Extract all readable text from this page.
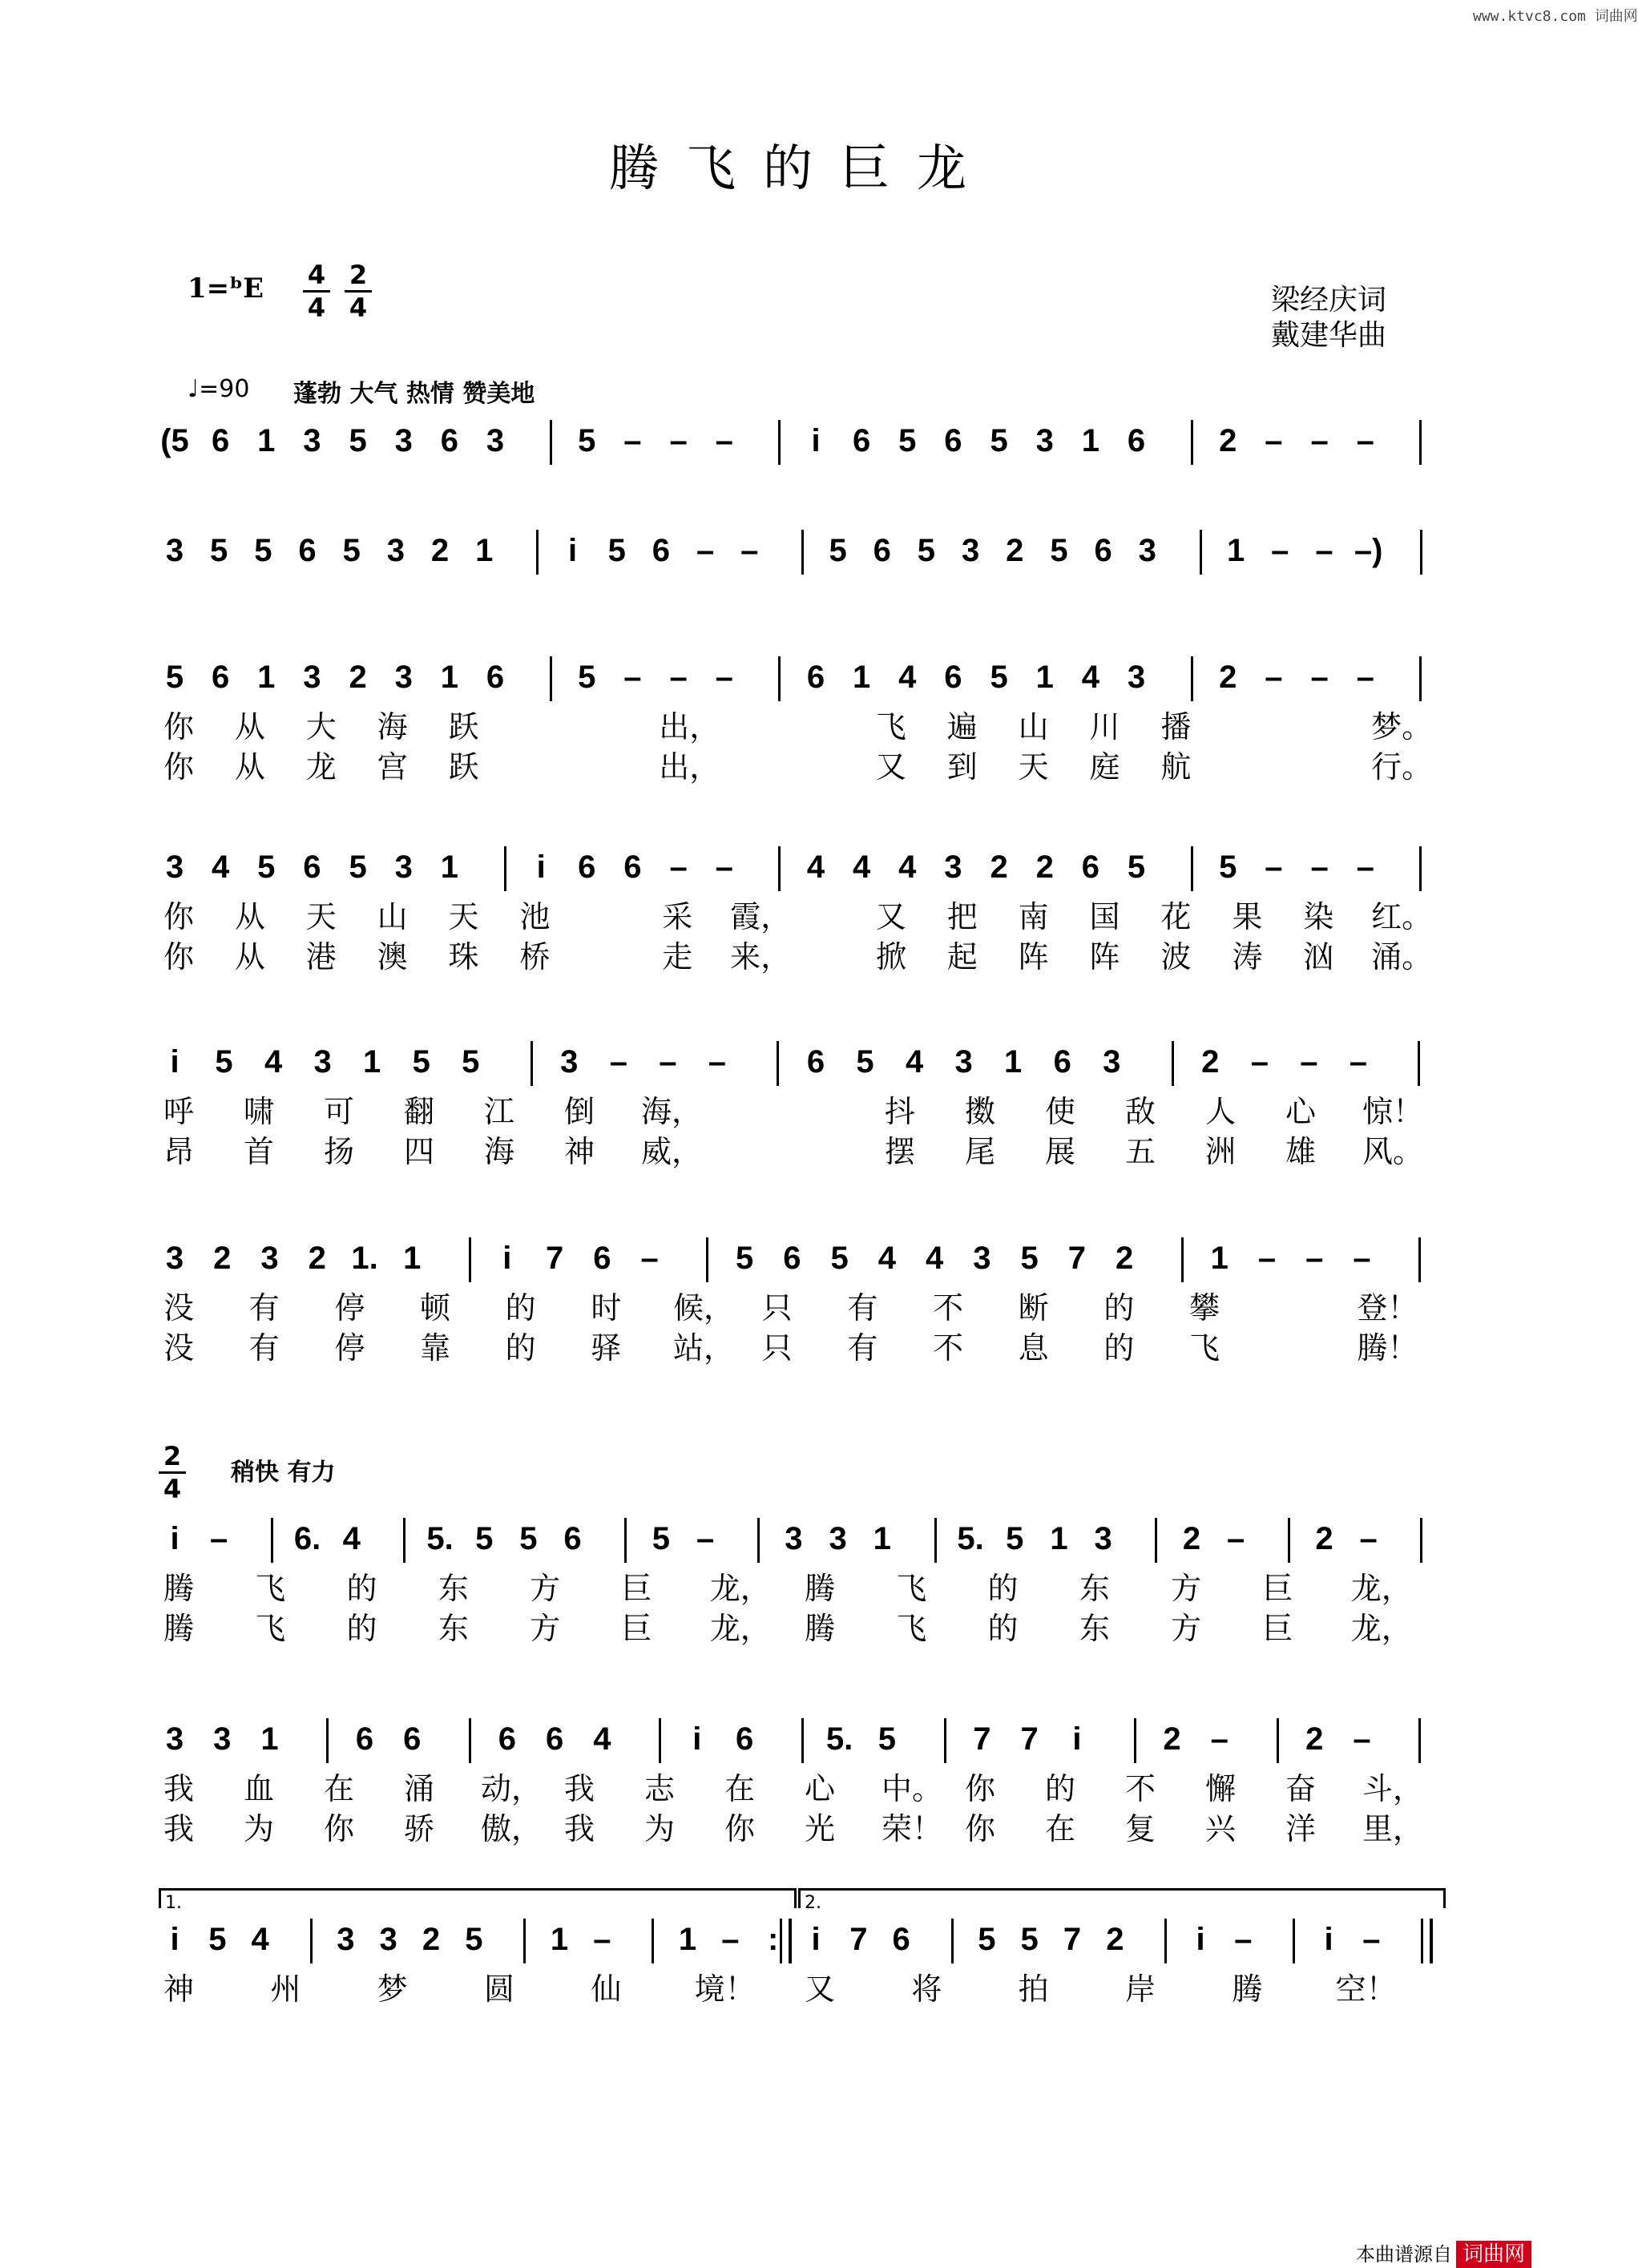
www.ktvc8.com 词曲网
腾飞的巨龙
梁经庆词
戴建华曲
1=ᵇE 4
4
2
4
♩=90 蓬勃 大气 热情 赞美地
2
4
稍快 有力
1.	2.
(5 6 1 3 5 3 6 3 5 – – –	i	6 5 6 5 3 1 6 2 – – –
3 5 5 6 5 3 2 1	i 5 6 – – 5 6 5 3 2 5 6 3 1 – – –)
5 6 1 3 2 3 1 6 5 – – – 6 1 4 6 5 1 4 3 2 – – –
你 从 大 海 跃	出，	飞 遍 山 川 播	梦。
你 从 龙 宫 跃	出，	又 到 天 庭 航	行。
3 4 5 6 5 3 1	i	6 6 – – 4 4 4 3 2 2 6 5 5 – – –
你 从 天 山 天 池	采 霞，	又 把 南 国 花 果 染 红。
你 从 港 澳 珠 桥	走 来，	掀 起 阵 阵 波 涛 汹 涌。
i	5 4 3 1 5 5	3 – – –	6 5 4 3 1 6 3	2 – – –
呼 啸 可 翻 江 倒 海，	抖 擞 使 敌 人 心 惊！
昂 首 扬 四 海 神 威，	摆 尾 展 五 洲 雄 风。
3 2 3 2 1. 1	i	7 6 – 5 6 5 4 4 3 5 7 2 1 – – –
没 有 停 顿 的 时 候， 只 有 不 断 的 攀	登！
没 有 停 靠 的 驿 站， 只 有 不 息 的 飞	腾！
i – 6. 4 5. 5 5 6 5 – 3 3 1 5. 5 1 3 2 – 2 –
腾 飞 的 东 方 巨 龙， 腾 飞 的 东 方 巨 龙，
腾 飞 的 东 方 巨 龙， 腾 飞 的 东 方 巨 龙，
3 3 1 6 6 6 6 4	i	6 5. 5 7 7	i	2 – 2 –
我 血 在 涌 动， 我 志 在 心 中。 你 的 不 懈 奋 斗，
我 为 你 骄 傲， 我 为 你 光 荣！ 你 在 复 兴 洋 里，
i 5 4 3 3 2 5 1 – 1 – :	i 7 6 5 5 7 2	i –	i –
神	州	梦	圆	仙 境！ 又	将	拍	岸	腾 空！
本曲谱源自 词曲网
